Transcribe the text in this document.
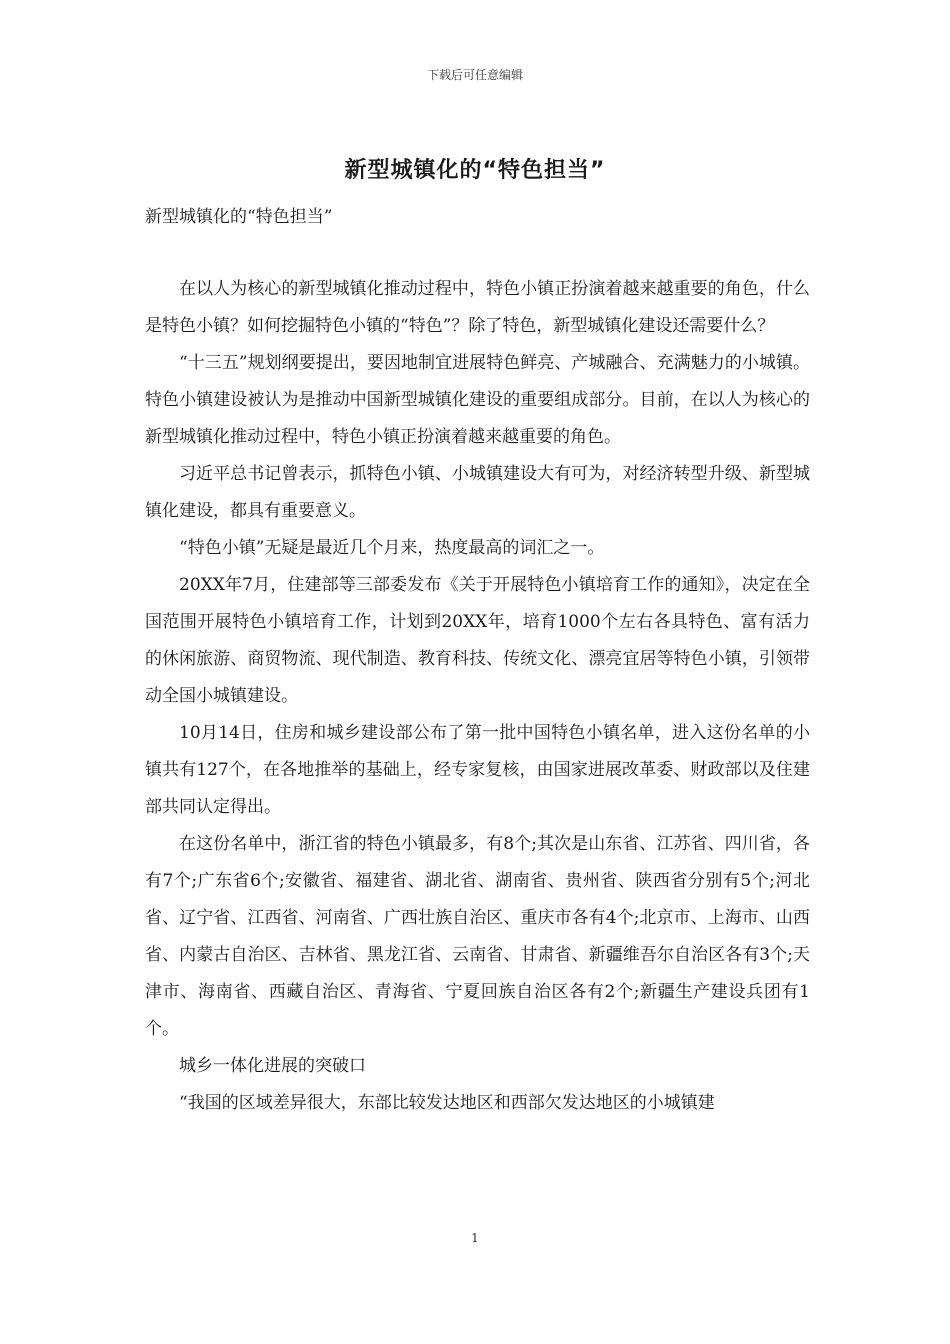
下载后可任意编辑
新型城镇化的“特色担当”
新型城镇化的“特色担当”

在以人为核心的新型城镇化推动过程中，特色小镇正扮演着越来越重要的角色，什么是特色小镇？如何挖掘特色小镇的“特色”？除了特色，新型城镇化建设还需要什么？

“十三五”规划纲要提出，要因地制宜进展特色鲜亮、产城融合、充满魅力的小城镇。特色小镇建设被认为是推动中国新型城镇化建设的重要组成部分。目前，在以人为核心的新型城镇化推动过程中，特色小镇正扮演着越来越重要的角色。

习近平总书记曾表示，抓特色小镇、小城镇建设大有可为，对经济转型升级、新型城镇化建设，都具有重要意义。

“特色小镇”无疑是最近几个月来，热度最高的词汇之一。

20XX年7月，住建部等三部委发布《关于开展特色小镇培育工作的通知》，决定在全国范围开展特色小镇培育工作，计划到20XX年，培育1000个左右各具特色、富有活力的休闲旅游、商贸物流、现代制造、教育科技、传统文化、漂亮宜居等特色小镇，引领带动全国小城镇建设。

10月14日，住房和城乡建设部公布了第一批中国特色小镇名单，进入这份名单的小镇共有127个，在各地推举的基础上，经专家复核，由国家进展改革委、财政部以及住建部共同认定得出。

在这份名单中，浙江省的特色小镇最多，有8个;其次是山东省、江苏省、四川省，各有7个;广东省6个;安徽省、福建省、湖北省、湖南省、贵州省、陕西省分别有5个;河北省、辽宁省、江西省、河南省、广西壮族自治区、重庆市各有4个;北京市、上海市、山西省、内蒙古自治区、吉林省、黑龙江省、云南省、甘肃省、新疆维吾尔自治区各有3个;天津市、海南省、西藏自治区、青海省、宁夏回族自治区各有2个;新疆生产建设兵团有1个。

城乡一体化进展的突破口

“我国的区域差异很大，东部比较发达地区和西部欠发达地区的小城镇建

1
